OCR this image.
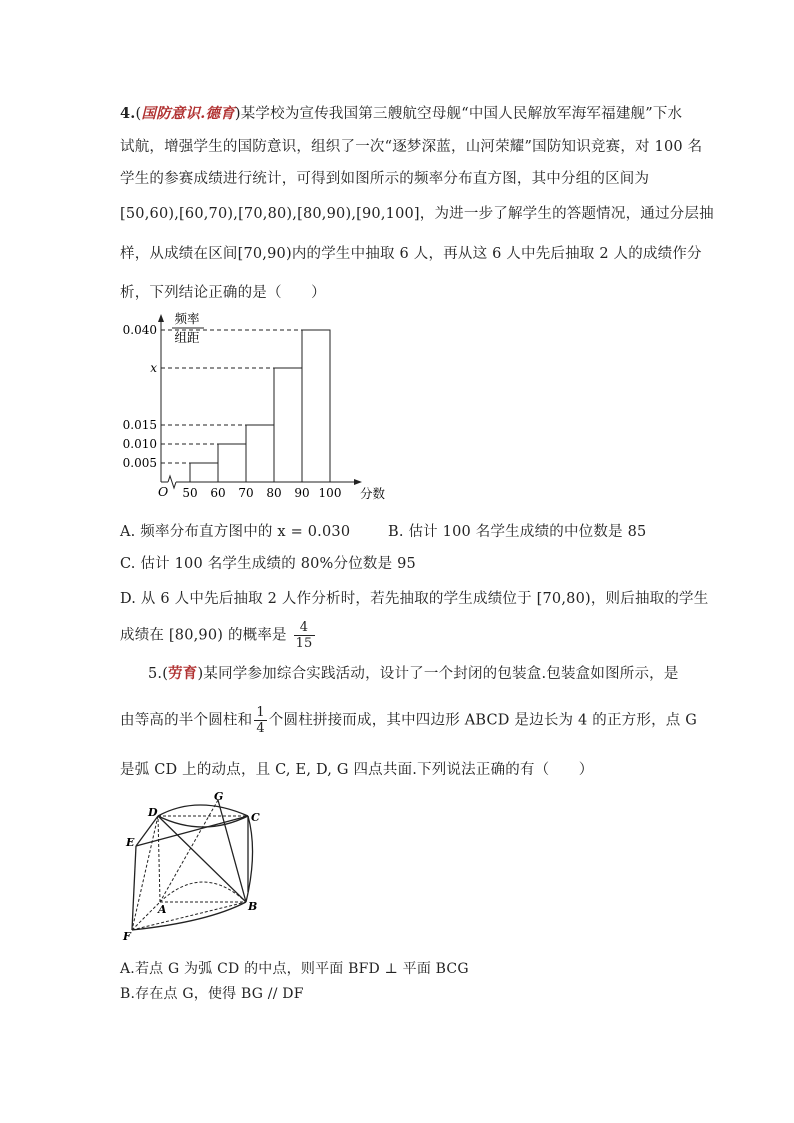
4.(国防意识.德育)某学校为宣传我国第三艘航空母舰“中国人民解放军海军福建舰”下水
试航，增强学生的国防意识，组织了一次“逐梦深蓝，山河荣耀”国防知识竞赛，对 100 名
学生的参赛成绩进行统计，可得到如图所示的频率分布直方图，其中分组的区间为
[50,60),[60,70),[70,80),[80,90),[90,100]，为进一步了解学生的答题情况，通过分层抽
样，从成绩在区间[70,90)内的学生中抽取 6 人，再从这 6 人中先后抽取 2 人的成绩作分
析，下列结论正确的是（　　）
频率
组距
O	分数
0.040
x
0.015
0.010
0.005
50 60 70 80 90 100
A. 频率分布直方图中的 x = 0.030	B. 估计 100 名学生成绩的中位数是 85
C. 估计 100 名学生成绩的 80%分位数是 95
D. 从 6 人中先后抽取 2 人作分析时，若先抽取的学生成绩位于 [70,80)，则后抽取的学生
成绩在 [80,90) 的概率是 $\frac{4}{15}$
5.(劳育)某同学参加综合实践活动，设计了一个封闭的包装盒.包装盒如图所示，是
由等高的半个圆柱和 $\frac{1}{4}$ 个圆柱拼接而成，其中四边形 ABCD 是边长为 4 的正方形，点 G
是弧 CD 上的动点，且 C, E, D, G 四点共面.下列说法正确的有（　　）
G
D	C
E
A	B
F
A.若点 G 为弧 CD 的中点，则平面 BFD ⊥ 平面 BCG
B.存在点 G，使得 BG // DF
